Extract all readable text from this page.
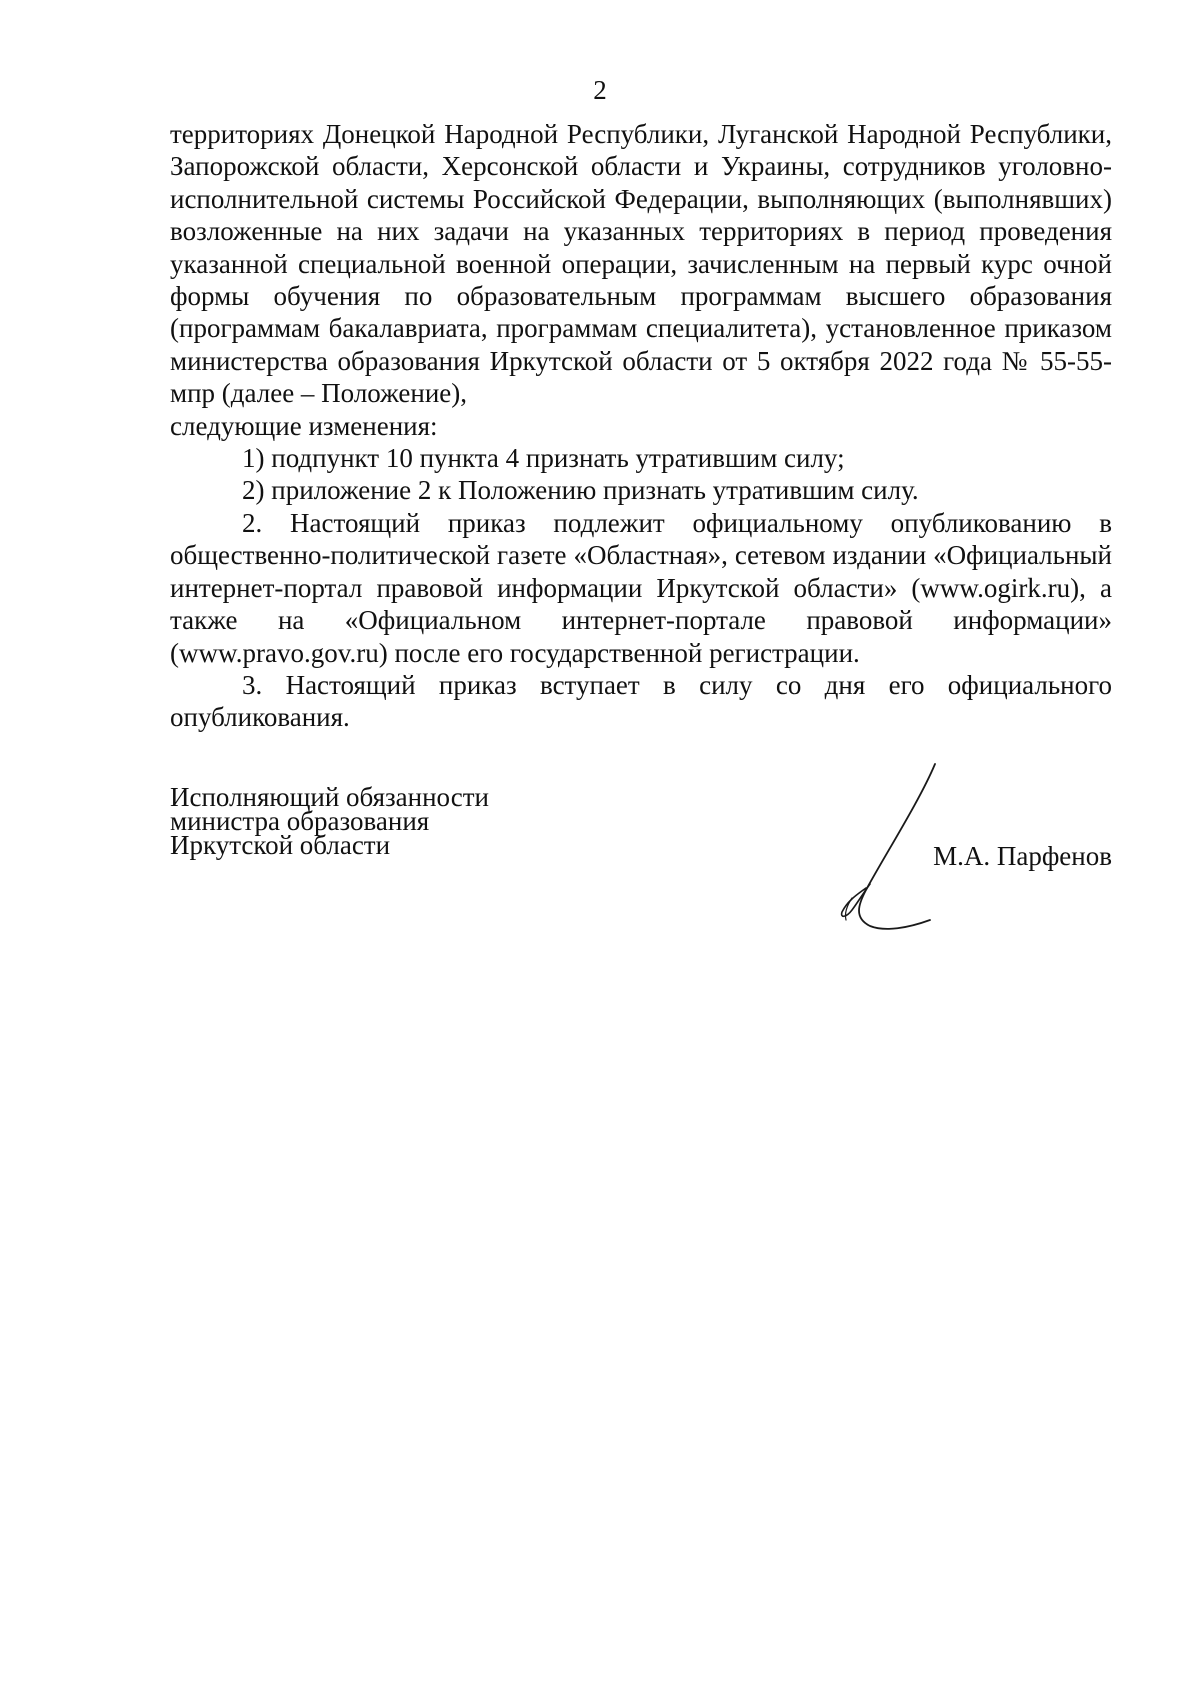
2

территориях Донецкой Народной Республики, Луганской Народной Республики, Запорожской области, Херсонской области и Украины, сотрудников уголовно-исполнительной системы Российской Федерации, выполняющих (выполнявших) возложенные на них задачи на указанных территориях в период проведения указанной специальной военной операции, зачисленным на первый курс очной формы обучения по образовательным программам высшего образования (программам бакалавриата, программам специалитета), установленное приказом министерства образования Иркутской области от 5 октября 2022 года № 55-55-мпр (далее – Положение),

следующие изменения:

1) подпункт 10 пункта 4 признать утратившим силу;

2) приложение 2 к Положению признать утратившим силу.

2. Настоящий приказ подлежит официальному опубликованию в общественно-политической газете «Областная», сетевом издании «Официальный интернет-портал правовой информации Иркутской области» (www.ogirk.ru), а также на «Официальном интернет-портале правовой информации» (www.pravo.gov.ru) после его государственной регистрации.

3. Настоящий приказ вступает в силу со дня его официального опубликования.

Исполняющий обязанности
министра образования
Иркутской области	М.А. Парфенов
